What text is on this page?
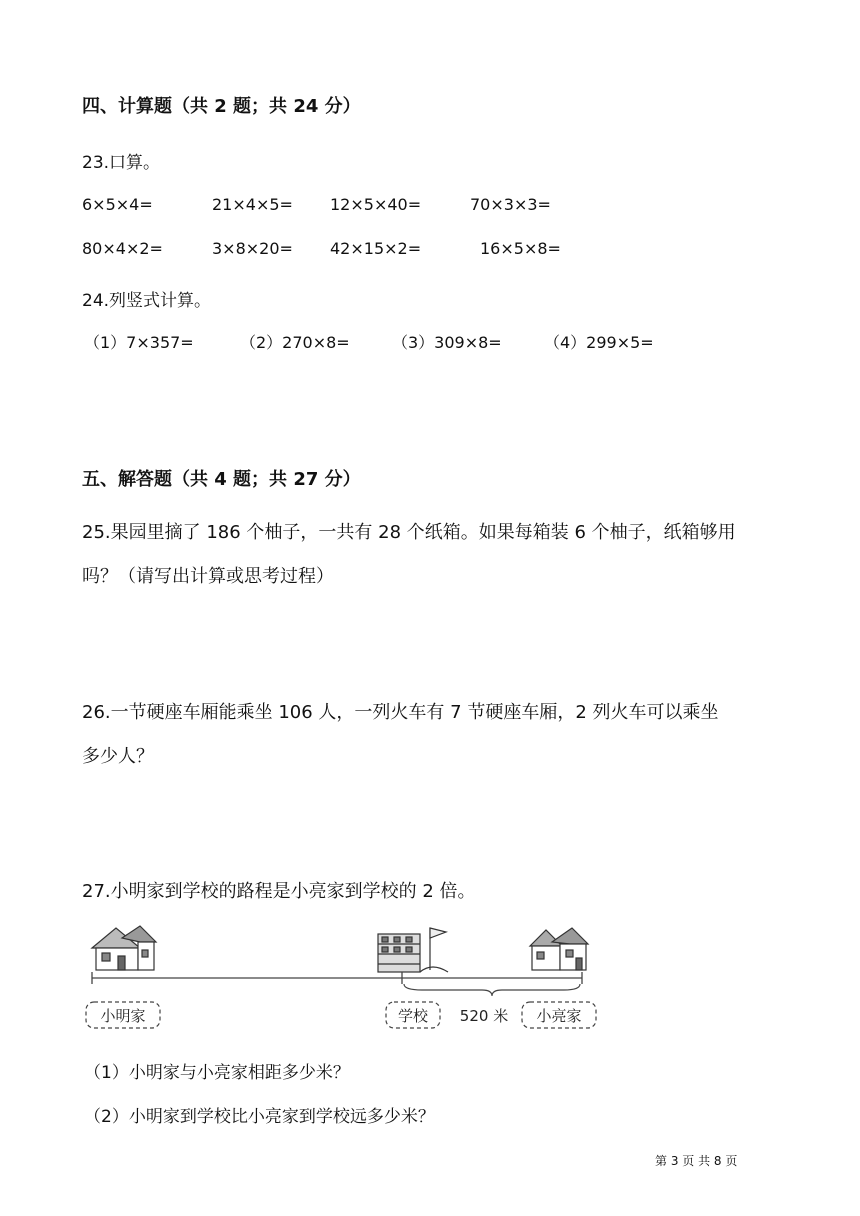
四、计算题（共 2 题；共 24 分）
23.口算。
6×5×4=	21×4×5= 12×5×40=	70×3×3=
80×4×2=	3×8×20= 42×15×2=	16×5×8=
24.列竖式计算。
（1）7×357=	（2）270×8=	（3）309×8=	（4）299×5=
五、解答题（共 4 题；共 27 分）
25.果园里摘了 186 个柚子，一共有 28 个纸箱。如果每箱装 6 个柚子，纸箱够用
吗？（请写出计算或思考过程）
26.一节硬座车厢能乘坐 106 人，一列火车有 7 节硬座车厢，2 列火车可以乘坐
多少人？
27.小明家到学校的路程是小亮家到学校的 2 倍。
小明家	学校 520 米 小亮家
（1）小明家与小亮家相距多少米？
（2）小明家到学校比小亮家到学校远多少米？
第 3 页 共 8 页
